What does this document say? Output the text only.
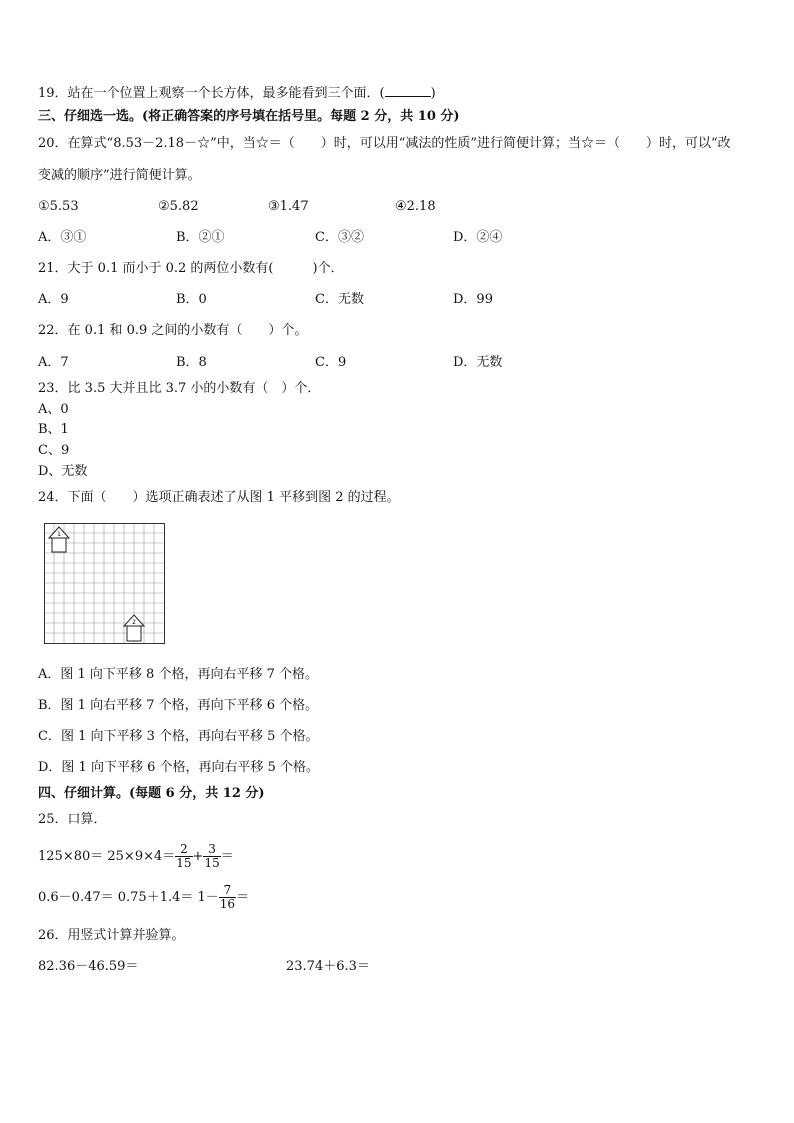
19．站在一个位置上观察一个长方体，最多能看到三个面．(	)
三、仔细选一选。(将正确答案的序号填在括号里。每题 2 分，共 10 分)
20．在算式“8.53－2.18－☆”中，当☆＝（　　）时，可以用“减法的性质”进行简便计算；当☆＝（　　）时，可以“改
变减的顺序”进行简便计算。
①5.53	②5.82	③1.47	④2.18
A．③①	B．②①	C．③②	D．②④
21．大于 0.1 而小于 0.2 的两位小数有(　　　)个．
A．9	B．0	C．无数	D．99
22．在 0.1 和 0.9 之间的小数有（　　）个。
A．7	B．8	C．9	D．无数
23．比 3.5 大并且比 3.7 小的小数有（　）个．
A、0
B、1
C、9
D、无数
24．下面（　　）选项正确表述了从图 1 平移到图 2 的过程。
1
2
A．图 1 向下平移 8 个格，再向右平移 7 个格。
B．图 1 向右平移 7 个格，再向下平移 6 个格。
C．图 1 向下平移 3 个格，再向右平移 5 个格。
D．图 1 向下平移 6 个格，再向右平移 5 个格。
四、仔细计算。(每题 6 分，共 12 分)
25．口算．
$125\times 80= 25\times 9\times 4= \frac{2}{15} + \frac{3}{15}$ ＝
$0.6-0.47= 0.75+1.4= 1- \frac{7}{16}$ ＝
26．用竖式计算并验算。
82.36－46.59＝	23.74＋6.3＝
